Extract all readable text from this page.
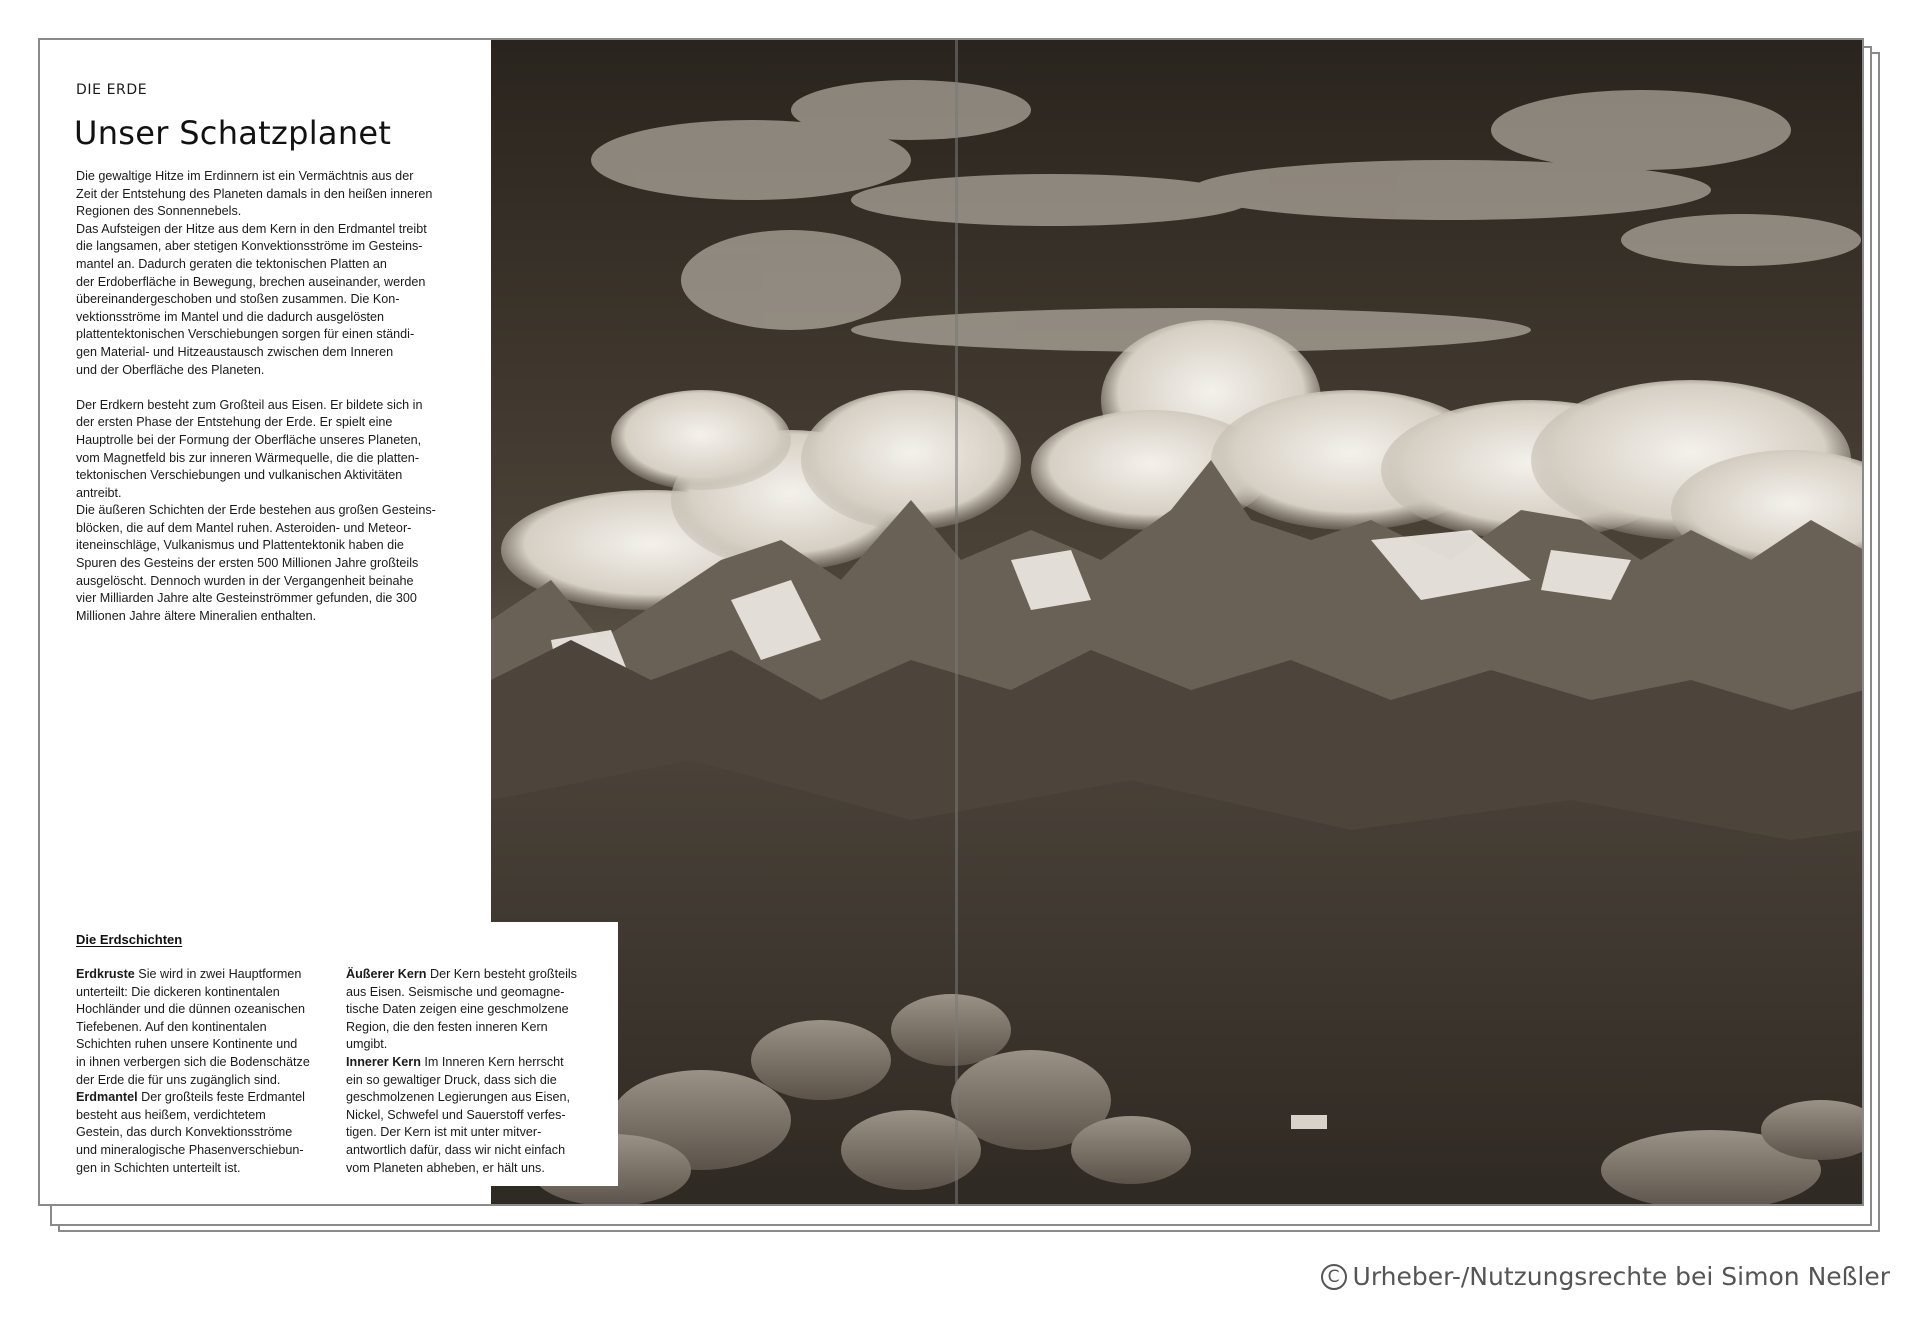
DIE ERDE
Unser Schatzplanet

Die gewaltige Hitze im Erdinnern ist ein Vermächtnis aus der
Zeit der Entstehung des Planeten damals in den heißen inneren
Regionen des Sonnennebels.
Das Aufsteigen der Hitze aus dem Kern in den Erdmantel treibt
die langsamen, aber stetigen Konvektionsströme im Gesteins-
mantel an. Dadurch geraten die tektonischen Platten an
der Erdoberfläche in Bewegung, brechen auseinander, werden
übereinandergeschoben und stoßen zusammen. Die Kon-
vektionsströme im Mantel und die dadurch ausgelösten
plattentektonischen Verschiebungen sorgen für einen ständi-
gen Material- und Hitzeaustausch zwischen dem Inneren
und der Oberfläche des Planeten.

Der Erdkern besteht zum Großteil aus Eisen. Er bildete sich in
der ersten Phase der Entstehung der Erde. Er spielt eine
Hauptrolle bei der Formung der Oberfläche unseres Planeten,
vom Magnetfeld bis zur inneren Wärmequelle, die die platten-
tektonischen Verschiebungen und vulkanischen Aktivitäten
antreibt.
Die äußeren Schichten der Erde bestehen aus großen Gesteins-
blöcken, die auf dem Mantel ruhen. Asteroiden- und Meteor-
iteneinschläge, Vulkanismus und Plattentektonik haben die
Spuren des Gesteins der ersten 500 Millionen Jahre großteils
ausgelöscht. Dennoch wurden in der Vergangenheit beinahe
vier Milliarden Jahre alte Gesteinströmmer gefunden, die 300
Millionen Jahre ältere Mineralien enthalten.

Die Erdschichten

Erdkruste Sie wird in zwei Hauptformen
unterteilt: Die dickeren kontinentalen
Hochländer und die dünnen ozeanischen
Tiefebenen. Auf den kontinentalen
Schichten ruhen unsere Kontinente und
in ihnen verbergen sich die Bodenschätze
der Erde die für uns zugänglich sind.

Erdmantel Der großteils feste Erdmantel
besteht aus heißem, verdichtetem
Gestein, das durch Konvektionsströme
und mineralogische Phasenverschiebun-
gen in Schichten unterteilt ist.

Äußerer Kern Der Kern besteht großteils
aus Eisen. Seismische und geomagne-
tische Daten zeigen eine geschmolzene
Region, die den festen inneren Kern
umgibt.

Innerer Kern Im Inneren Kern herrscht
ein so gewaltiger Druck, dass sich die
geschmolzenen Legierungen aus Eisen,
Nickel, Schwefel und Sauerstoff verfes-
tigen. Der Kern ist mit unter mitver-
antwortlich dafür, dass wir nicht einfach
vom Planeten abheben, er hält uns.

C Urheber-/Nutzungsrechte bei Simon Neßler
